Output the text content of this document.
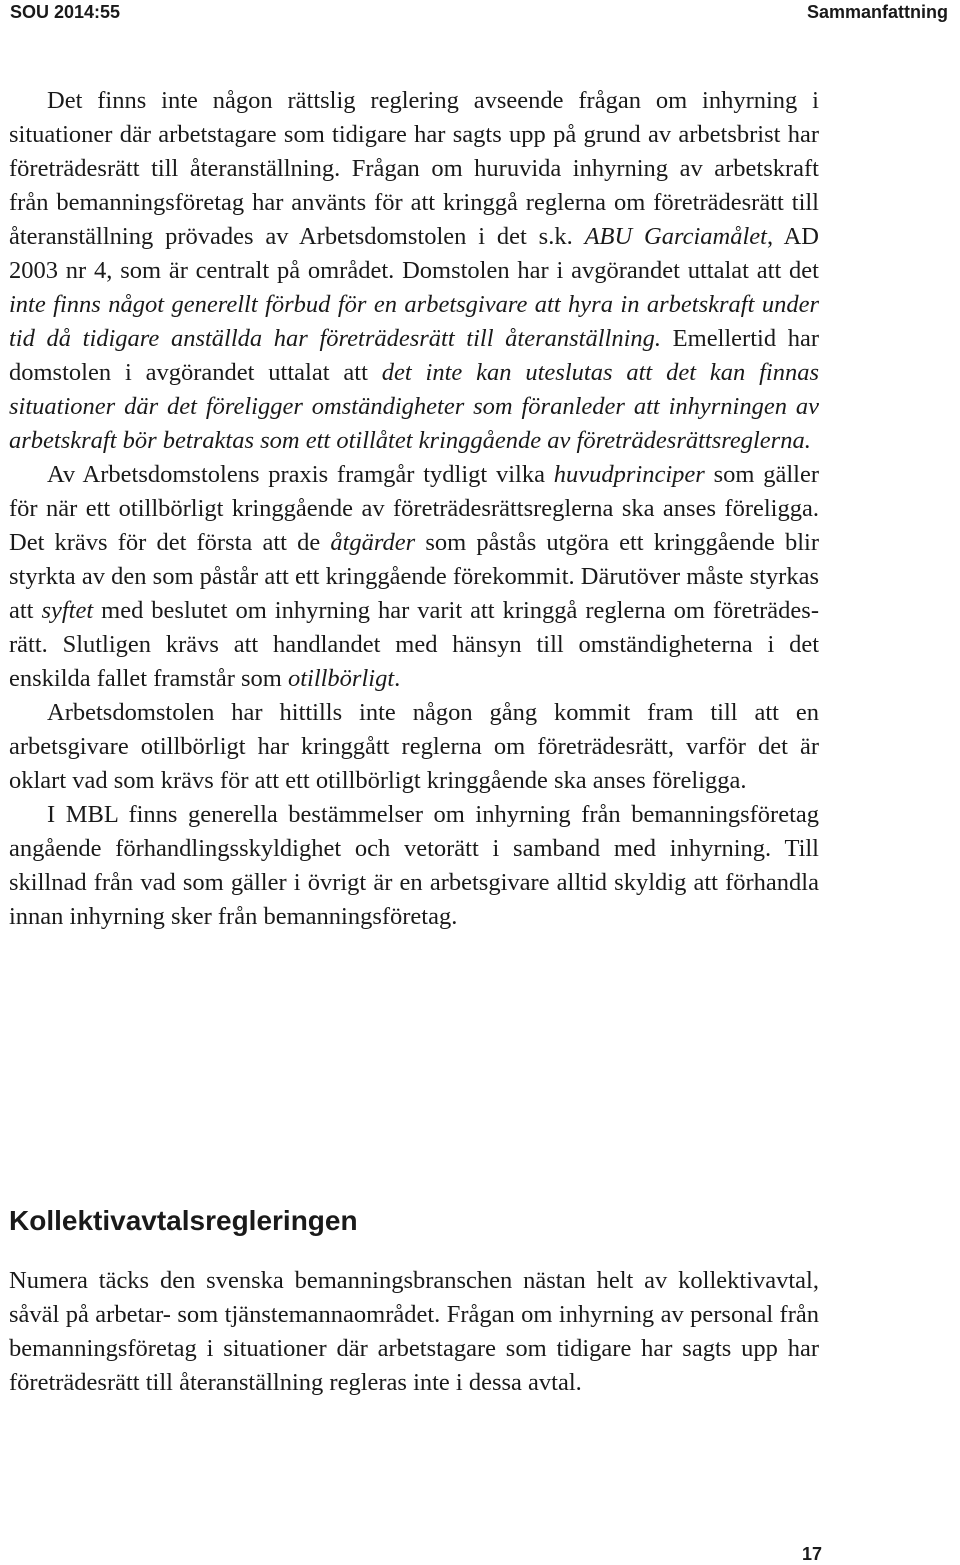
SOU 2014:55	Sammanfattning

Det finns inte någon rättslig reglering avseende frågan om inhyrning i situationer där arbetstagare som tidigare har sagts upp på grund av arbetsbrist har företrädesrätt till återanställning. Frågan om huruvida inhyrning av arbetskraft från bemanningsföretag har använts för att kringgå reglerna om företrädesrätt till återanställning prövades av Arbetsdomstolen i det s.k. ABU Garciamålet, AD 2003 nr 4, som är centralt på området. Domstolen har i avgörandet uttalat att det inte finns något generellt förbud för en arbetsgivare att hyra in arbetskraft under tid då tidigare anställda har företrädesrätt till återanställning. Emellertid har domstolen i avgörandet uttalat att det inte kan uteslutas att det kan finnas situationer där det föreligger omständigheter som föranleder att inhyrningen av arbetskraft bör betraktas som ett otillåtet kringgående av företrädesrättsreglerna.

Av Arbetsdomstolens praxis framgår tydligt vilka huvudprinciper som gäller för när ett otillbörligt kringgående av företrädesrättsreglerna ska anses föreligga. Det krävs för det första att de åtgärder som påstås utgöra ett kringgående blir styrkta av den som påstår att ett kringgående förekommit. Därutöver måste styrkas att syftet med beslutet om inhyrning har varit att kringgå reglerna om företrädesrätt. Slutligen krävs att handlandet med hänsyn till omständigheterna i det enskilda fallet framstår som otillbörligt.

Arbetsdomstolen har hittills inte någon gång kommit fram till att en arbetsgivare otillbörligt har kringgått reglerna om företrädesrätt, varför det är oklart vad som krävs för att ett otillbörligt kringgående ska anses föreligga.

I MBL finns generella bestämmelser om inhyrning från bemanningsföretag angående förhandlingsskyldighet och vetorätt i samband med inhyrning. Till skillnad från vad som gäller i övrigt är en arbetsgivare alltid skyldig att förhandla innan inhyrning sker från bemanningsföretag.

Kollektivavtalsregleringen

Numera täcks den svenska bemanningsbranschen nästan helt av kollektivavtal, såväl på arbetar- som tjänstemannaområdet. Frågan om inhyrning av personal från bemanningsföretag i situationer där arbetstagare som tidigare har sagts upp har företrädesrätt till återanställning regleras inte i dessa avtal.

17
